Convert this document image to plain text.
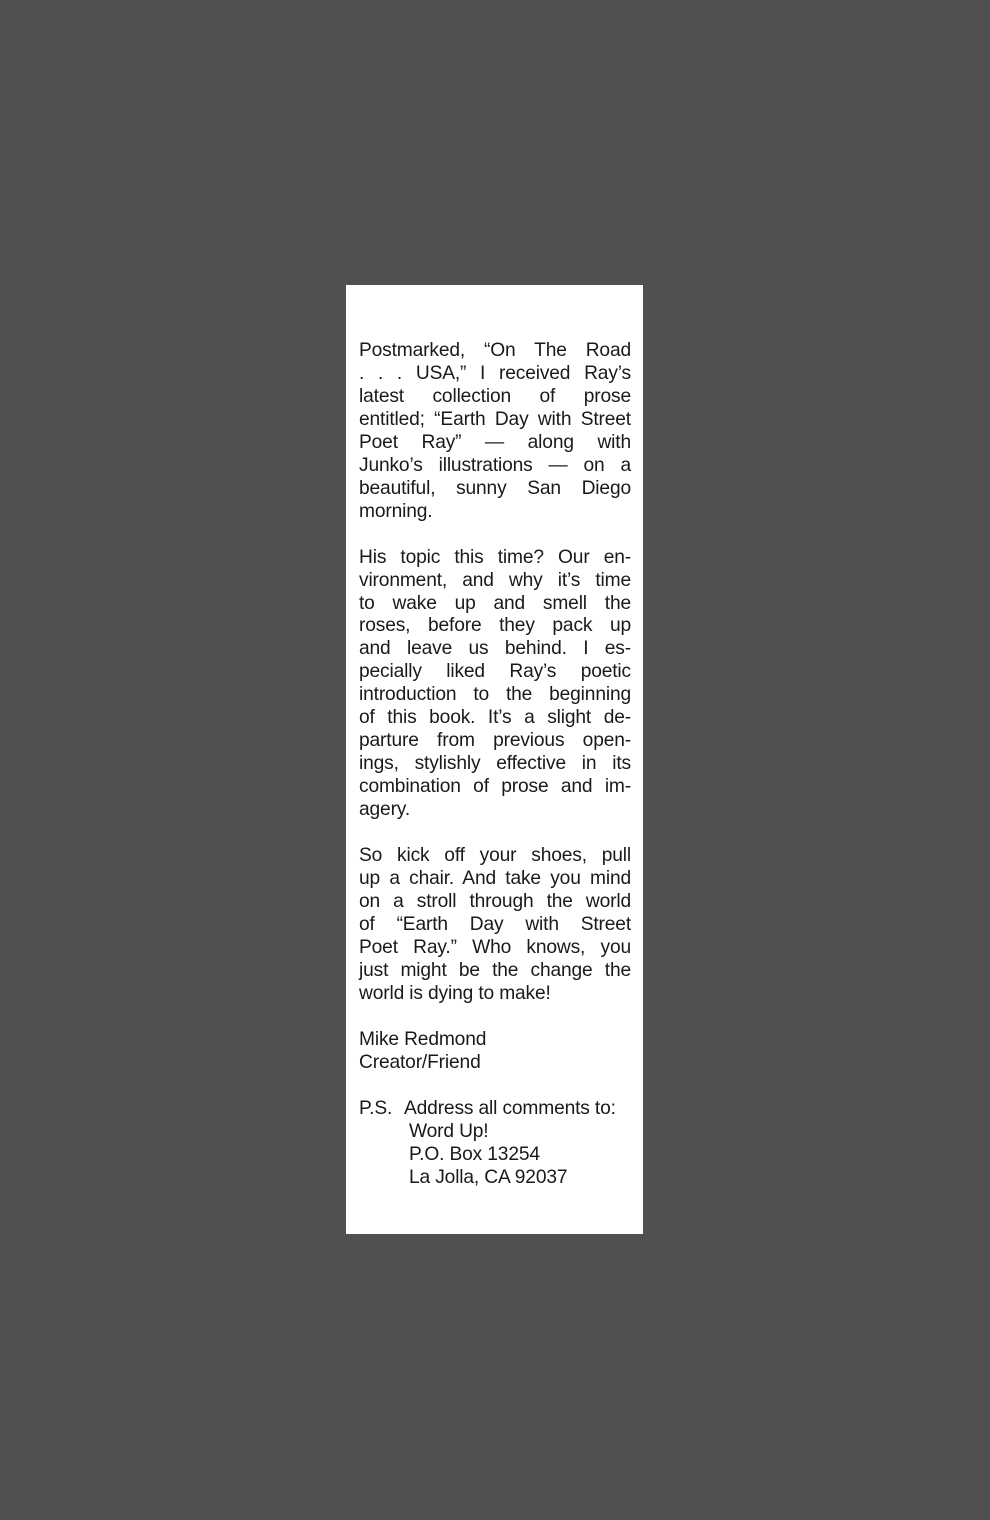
Postmarked, “On The Road
. . . USA,” I received Ray’s
latest collection of prose
entitled; “Earth Day with Street
Poet Ray” — along with
Junko’s illustrations — on a
beautiful, sunny San Diego
morning.
His topic this time? Our en-
vironment, and why it’s time
to wake up and smell the
roses, before they pack up
and leave us behind. I es-
pecially liked Ray’s poetic
introduction to the beginning
of this book. It’s a slight de-
parture from previous open-
ings, stylishly effective in its
combination of prose and im-
agery.
So kick off your shoes, pull
up a chair. And take you mind
on a stroll through the world
of “Earth Day with Street
Poet Ray.” Who knows, you
just might be the change the
world is dying to make!
Mike Redmond
Creator/Friend
P.S. Address all comments to:
Word Up!
P.O. Box 13254
La Jolla, CA 92037
